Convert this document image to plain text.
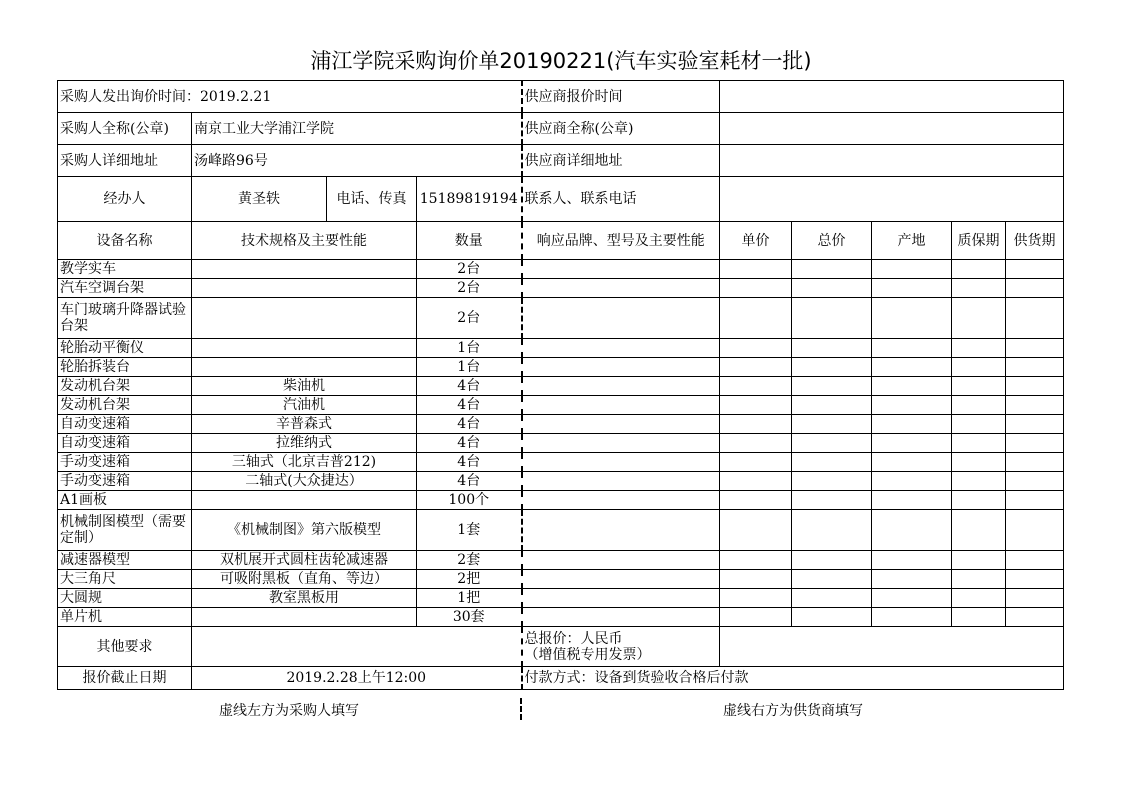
浦江学院采购询价单20190221(汽车实验室耗材一批)
采购人发出询价时间：2019.2.21				供应商报价时间					
采购人全称(公章)	南京工业大学浦江学院			供应商全称(公章)					
采购人详细地址	汤峰路96号			供应商详细地址					
经办人	黄圣轶	电话、传真	15189819194	联系人、联系电话					
设备名称	技术规格及主要性能		数量	响应品牌、型号及主要性能	单价	总价	产地	质保期	供货期
教学实车			2台						
汽车空调台架			2台						
车门玻璃升降器试验台架			2台						
轮胎动平衡仪			1台						
轮胎拆装台			1台						
发动机台架	柴油机		4台						
发动机台架	汽油机		4台						
自动变速箱	辛普森式		4台						
自动变速箱	拉维纳式		4台						
手动变速箱	三轴式（北京吉普212)		4台						
手动变速箱	二轴式(大众捷达）		4台						
A1画板			100个						
机械制图模型（需要定制）	《机械制图》第六版模型		1套						
减速器模型	双机展开式圆柱齿轮减速器		2套						
大三角尺	可吸附黑板（直角、等边）		2把						
大圆规	教室黑板用		1把						
单片机			30套						
其他要求				总报价：人民币
（增值税专用发票）					
报价截止日期	2019.2.28上午12:00			付款方式：设备到货验收合格后付款					
虚线左方为采购人填写	虚线右方为供货商填写
